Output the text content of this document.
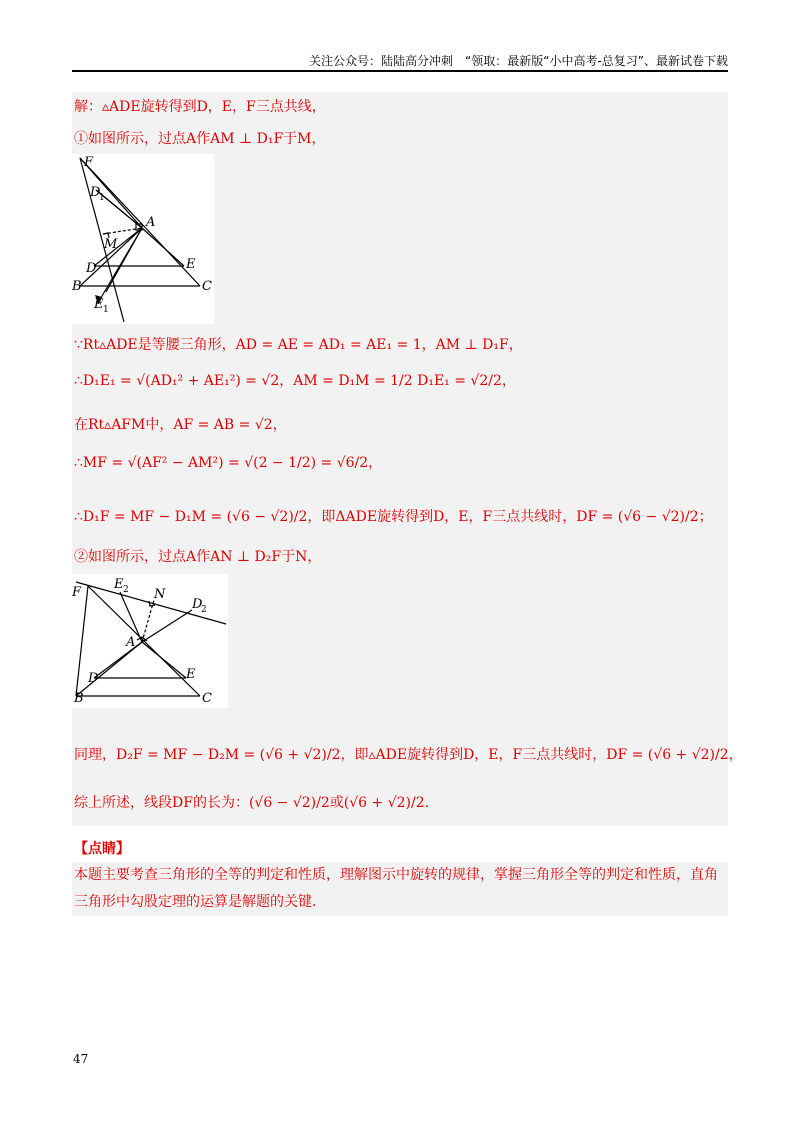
关注公众号：陆陆高分冲刺　“领取：最新版“小中高考-总复习”、最新试卷下载
解：▵ADE旋转得到D，E，F三点共线，
①如图所示，过点A作AM ⊥ D₁F于M，
F
D
1
A
M
D	E
B	C
E 1
∵Rt▵ADE是等腰三角形，AD = AE = AD₁ = AE₁ = 1，AM ⊥ D₁F，
∴D₁E₁ = √(AD₁² + AE₁²) = √2，AM = D₁M = 1/2 D₁E₁ = √2/2，
在Rt▵AFM中，AF = AB = √2，
∴MF = √(AF² − AM²) = √(2 − 1/2) = √6/2，
∴D₁F = MF − D₁M = (√6 − √2)/2，即ΔADE旋转得到D，E，F三点共线时，DF = (√6 − √2)/2；
②如图所示，过点A作AN ⊥ D₂F于N，
F
E 2 N
D
2
A
D	E
B	C
同理，D₂F = MF − D₂M = (√6 + √2)/2，即▵ADE旋转得到D，E，F三点共线时，DF = (√6 + √2)/2，
综上所述，线段DF的长为：(√6 − √2)/2或(√6 + √2)/2.
【点睛】
本题主要考查三角形的全等的判定和性质，理解图示中旋转的规律，掌握三角形全等的判定和性质，直角三角形中勾股定理的运算是解题的关键.
47
